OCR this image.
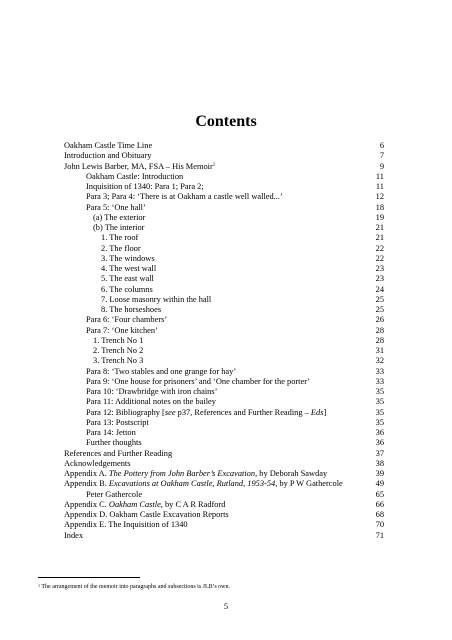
Contents
Oakham Castle Time Line	6
Introduction and Obituary	7
John Lewis Barber, MA, FSA – His Memoir$^1$	9
Oakham Castle: Introduction	11
Inquisition of 1340: Para 1; Para 2;	11
Para 3; Para 4: ‘There is at Oakham a castle well walled...’	12
Para 5: ‘One hall’	18
(a) The exterior	19
(b) The interior	21
1. The roof	21
2. The floor	22
3. The windows	22
4. The west wall	23
5. The east wall	23
6. The columns	24
7. Loose masonry within the hall	25
8. The horseshoes	25
Para 6: ‘Four chambers’	26
Para 7: ‘One kitchen’	28
1. Trench No 1	28
2. Trench No 2	31
3. Trench No 3	32
Para 8: ‘Two stables and one grange for hay’	33
Para 9: ‘One house for prisoners’ and ‘One chamber for the porter’	33
Para 10: ‘Drawbridge with iron chains’	35
Para 11: Additional notes on the bailey	35
Para 12: Bibliography [see p37, References and Further Reading – Eds]	35
Para 13: Postscript	35
Para 14: Jetton	36
Further thoughts	36
References and Further Reading	37
Acknowledgements	38
Appendix A. The Pottery from John Barber’s Excavation, by Deborah Sawday	39
Appendix B. Excavations at Oakham Castle, Rutland, 1953-54, by P W Gathercole	49
Peter Gathercole	65
Appendix C. Oakham Castle, by C A R Radford	66
Appendix D. Oakham Castle Excavation Reports	68
Appendix E. The Inquisition of 1340	70
Index	71
$^1$ The arrangement of the memoir into paragraphs and subsections is JLB’s own.
5
